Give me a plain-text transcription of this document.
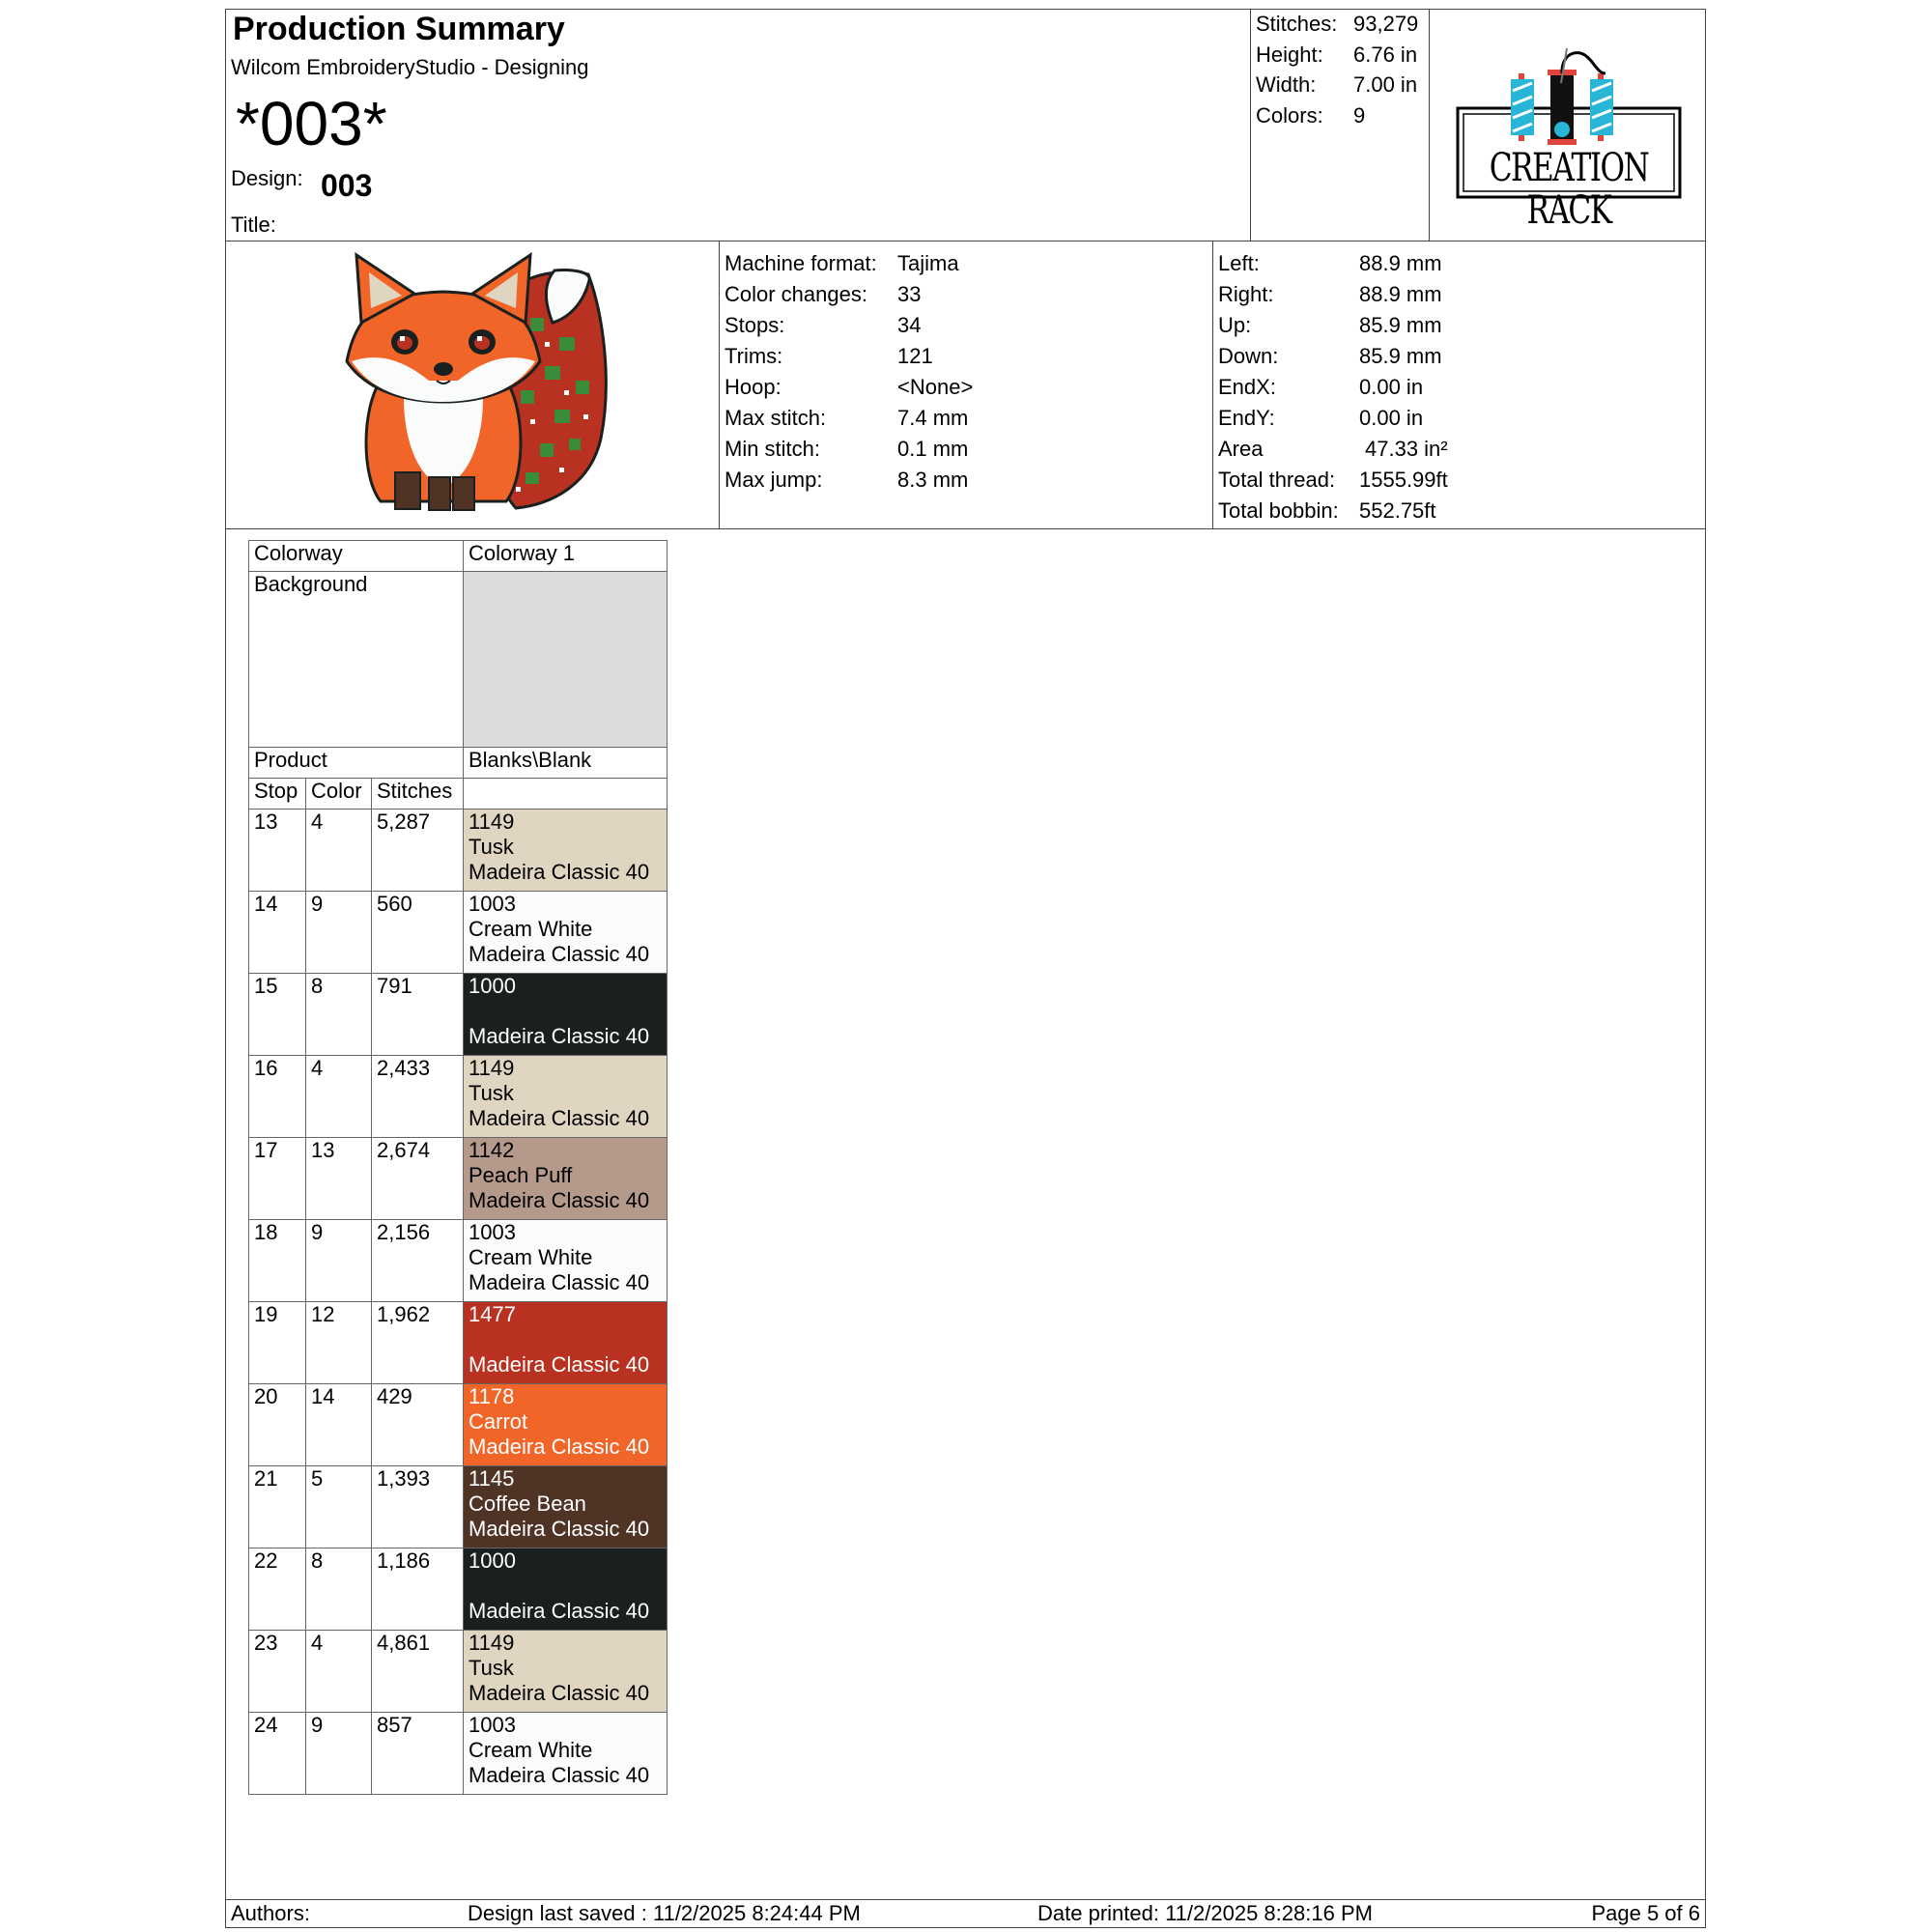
Production Summary
Wilcom EmbroideryStudio - Designing
*003*
Design: 003
Title:
Stitches: 93,279
Height: 6.76 in
Width: 7.00 in
Colors: 9
CREATION RACK
Machine format: Tajima
Color changes: 33
Stops:	34
Trims:	121
Hoop:	<None>
Max stitch:	7.4 mm
Min stitch:	0.1 mm
Max jump:	8.3 mm
Left:	88.9 mm
Right:	88.9 mm
Up:	85.9 mm
Down:	85.9 mm
EndX:	0.00 in
EndY:	0.00 in
Area	47.33 in²
Total thread: 1555.99ft
Total bobbin: 552.75ft
Colorway			Colorway 1
Background			
Product			Blanks\Blank
Stop	Color	Stitches	
13	4	5,287	1149
Tusk
Madeira Classic 40

14	9	560	1003
Cream White
Madeira Classic 40

15	8	791	1000

Madeira Classic 40

16	4	2,433	1149
Tusk
Madeira Classic 40

17	13	2,674	1142
Peach Puff
Madeira Classic 40

18	9	2,156	1003
Cream White
Madeira Classic 40

19	12	1,962	1477

Madeira Classic 40

20	14	429	1178
Carrot
Madeira Classic 40

21	5	1,393	1145
Coffee Bean
Madeira Classic 40

22	8	1,186	1000

Madeira Classic 40

23	4	4,861	1149
Tusk
Madeira Classic 40

24	9	857	1003
Cream White
Madeira Classic 40
Authors:	Design last saved : 11/2/2025 8:24:44 PM	Date printed: 11/2/2025 8:28:16 PM	Page 5 of 6
